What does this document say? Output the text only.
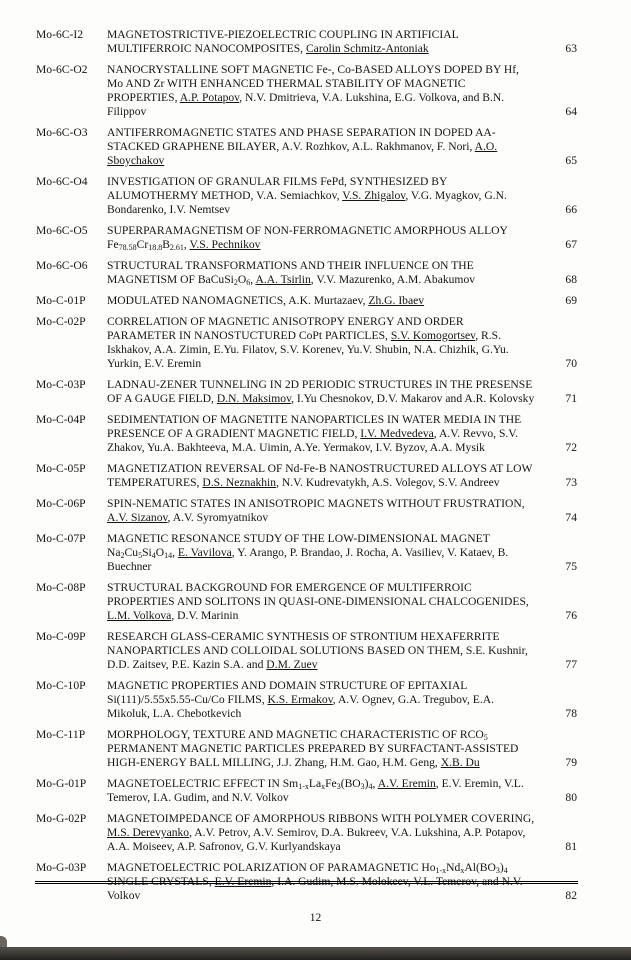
Mo-6C-I2	MAGNETOSTRICTIVE-PIEZOELECTRIC COUPLING IN ARTIFICIAL MULTIFERROIC NANOCOMPOSITES, Carolin Schmitz-Antoniak	63
Mo-6C-O2	NANOCRYSTALLINE SOFT MAGNETIC Fe-, Co-BASED ALLOYS DOPED BY Hf, Mo AND Zr WITH ENHANCED THERMAL STABILITY OF MAGNETIC PROPERTIES, A.P. Potapov, N.V. Dmitrieva, V.A. Lukshina, E.G. Volkova, and B.N. Filippov	64
Mo-6C-O3	ANTIFERROMAGNETIC STATES AND PHASE SEPARATION IN DOPED AA-STACKED GRAPHENE BILAYER, A.V. Rozhkov, A.L. Rakhmanov, F. Nori, A.O. Sboychakov	65
Mo-6C-O4	INVESTIGATION OF GRANULAR FILMS FePd, SYNTHESIZED BY ALUMOTHERMY METHOD, V.A. Semiachkov, V.S. Zhigalov, V.G. Myagkov, G.N. Bondarenko, I.V. Nemtsev	66
Mo-6C-O5	SUPERPARAMAGNETISM OF NON-FERROMAGNETIC AMORPHOUS ALLOY $Fe_{78.58}Cr_{18.8}B_{2.61}$, V.S. Pechnikov	67
Mo-6C-O6	STRUCTURAL TRANSFORMATIONS AND THEIR INFLUENCE ON THE MAGNETISM OF $BaCuSi_2O_6$, A.A. Tsirlin, V.V. Mazurenko, A.M. Abakumov	68
Mo-C-01P	MODULATED NANOMAGNETICS, A.K. Murtazaev, Zh.G. Ibaev	69
Mo-C-02P	CORRELATION OF MAGNETIC ANISOTROPY ENERGY AND ORDER PARAMETER IN NANOSTUCTURED CoPt PARTICLES, S.V. Komogortsev, R.S. Iskhakov, A.A. Zimin, E.Yu. Filatov, S.V. Korenev, Yu.V. Shubin, N.A. Chizhik, G.Yu. Yurkin, E.V. Eremin	70
Mo-C-03P	LADNAU-ZENER TUNNELING IN 2D PERIODIC STRUCTURES IN THE PRESENSE OF A GAUGE FIELD, D.N. Maksimov, I.Yu Chesnokov, D.V. Makarov and A.R. Kolovsky	71
Mo-C-04P	SEDIMENTATION OF MAGNETITE NANOPARTICLES IN WATER MEDIA IN THE PRESENCE OF A GRADIENT MAGNETIC FIELD, I.V. Medvedeva, A.V. Revvo, S.V. Zhakov, Yu.A. Bakhteeva, M.A. Uimin, A.Ye. Yermakov, I.V. Byzov, A.A. Mysik	72
Mo-C-05P	MAGNETIZATION REVERSAL OF Nd-Fe-B NANOSTRUCTURED ALLOYS AT LOW TEMPERATURES, D.S. Neznakhin, N.V. Kudrevatykh, A.S. Volegov, S.V. Andreev	73
Mo-C-06P	SPIN-NEMATIC STATES IN ANISOTROPIC MAGNETS WITHOUT FRUSTRATION, A.V. Sizanov, A.V. Syromyatnikov	74
Mo-C-07P	MAGNETIC RESONANCE STUDY OF THE LOW-DIMENSIONAL MAGNET $Na_2Cu_5Si_4O_{14}$, E. Vavilova, Y. Arango, P. Brandao, J. Rocha, A. Vasiliev, V. Kataev, B. Buechner	75
Mo-C-08P	STRUCTURAL BACKGROUND FOR EMERGENCE OF MULTIFERROIC PROPERTIES AND SOLITONS IN QUASI-ONE-DIMENSIONAL CHALCOGENIDES, L.M. Volkova, D.V. Marinin	76
Mo-C-09P	RESEARCH GLASS-CERAMIC SYNTHESIS OF STRONTIUM HEXAFERRITE NANOPARTICLES AND COLLOIDAL SOLUTIONS BASED ON THEM, S.E. Kushnir, D.D. Zaitsev, P.E. Kazin S.A. and D.M. Zuev	77
Mo-C-10P	MAGNETIC PROPERTIES AND DOMAIN STRUCTURE OF EPITAXIAL Si(111)/5.55x5.55-Cu/Co FILMS, K.S. Ermakov, A.V. Ognev, G.A. Tregubov, E.A. Mikoluk, L.A. Chebotkevich	78
Mo-C-11P	MORPHOLOGY, TEXTURE AND MAGNETIC CHARACTERISTIC OF $RCO_5$ PERMANENT MAGNETIC PARTICLES PREPARED BY SURFACTANT-ASSISTED HIGH-ENERGY BALL MILLING, J.J. Zhang, H.M. Gao, H.M. Geng, X.B. Du	79
Mo-G-01P	MAGNETOELECTRIC EFFECT IN $Sm_{1-x}La_xFe_3(BO_3)_4$, A.V. Eremin, E.V. Eremin, V.L. Temerov, I.A. Gudim, and N.V. Volkov	80
Mo-G-02P	MAGNETOIMPEDANCE OF AMORPHOUS RIBBONS WITH POLYMER COVERING, M.S. Derevyanko, A.V. Petrov, A.V. Semirov, D.A. Bukreev, V.A. Lukshina, A.P. Potapov, A.A. Moiseev, A.P. Safronov, G.V. Kurlyandskaya	81
Mo-G-03P	MAGNETOELECTRIC POLARIZATION OF PARAMAGNETIC $Ho_{1-x}Nd_xAl(BO_3)_4$ SINGLE CRYSTALS, E.V. Eremin, I.A. Gudim, M.S. Molokeev, V.L. Temerov, and N.V. Volkov	82
12
